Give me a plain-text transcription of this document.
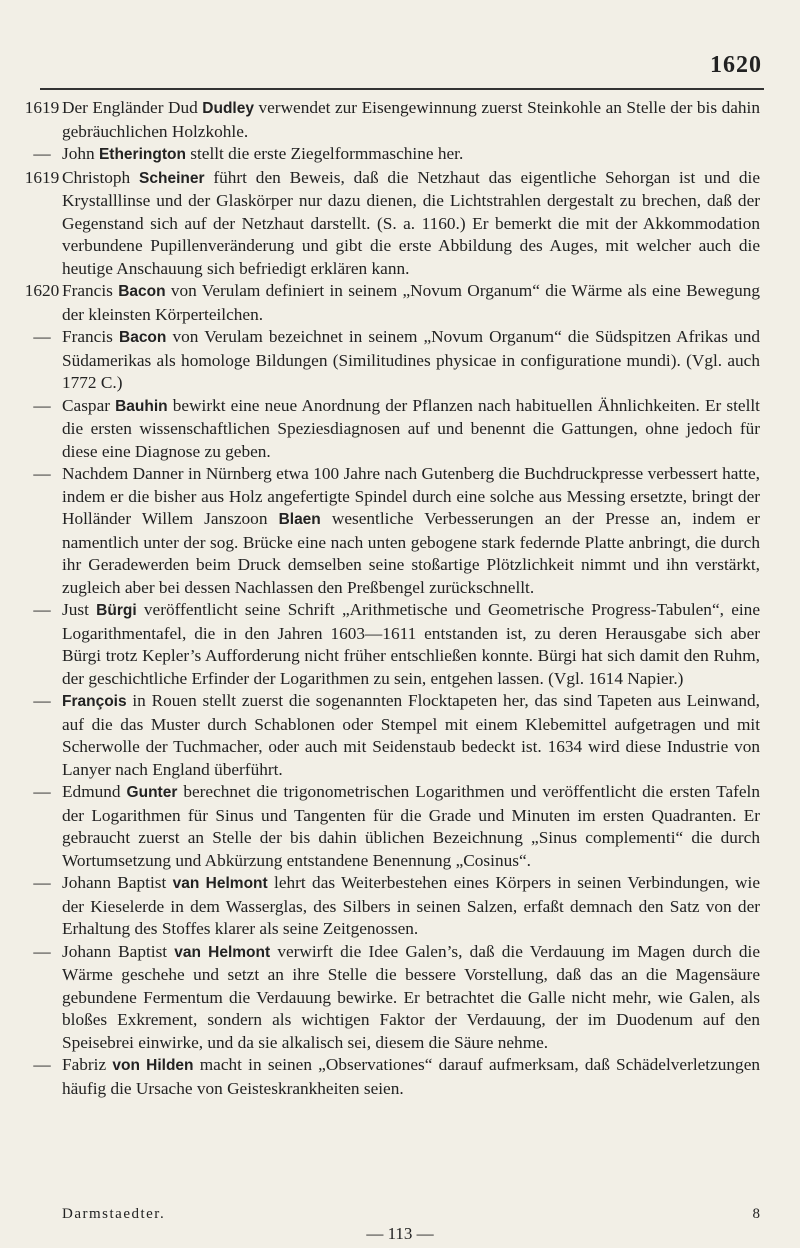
1620
1619 Der Engländer Dud Dudley verwendet zur Eisengewinnung zuerst Steinkohle an Stelle der bis dahin gebräuchlichen Holzkohle.
— John Etherington stellt die erste Ziegelformmaschine her.
1619 Christoph Scheiner führt den Beweis, daß die Netzhaut das eigentliche Sehorgan ist und die Krystalllinse und der Glaskörper nur dazu dienen, die Lichtstrahlen dergestalt zu brechen, daß der Gegenstand sich auf der Netzhaut darstellt. (S. a. 1160.) Er bemerkt die mit der Akkommodation verbundene Pupillenveränderung und gibt die erste Abbildung des Auges, mit welcher auch die heutige Anschauung sich befriedigt erklären kann.
1620 Francis Bacon von Verulam definiert in seinem „Novum Organum“ die Wärme als eine Bewegung der kleinsten Körperteilchen.
— Francis Bacon von Verulam bezeichnet in seinem „Novum Organum“ die Südspitzen Afrikas und Südamerikas als homologe Bildungen (Similitudines physicae in configuratione mundi). (Vgl. auch 1772 C.)
— Caspar Bauhin bewirkt eine neue Anordnung der Pflanzen nach habituellen Ähnlichkeiten. Er stellt die ersten wissenschaftlichen Speziesdiagnosen auf und benennt die Gattungen, ohne jedoch für diese eine Diagnose zu geben.
— Nachdem Danner in Nürnberg etwa 100 Jahre nach Gutenberg die Buchdruckpresse verbessert hatte, indem er die bisher aus Holz angefertigte Spindel durch eine solche aus Messing ersetzte, bringt der Holländer Willem Janszoon Blaen wesentliche Verbesserungen an der Presse an, indem er namentlich unter der sog. Brücke eine nach unten gebogene stark federnde Platte anbringt, die durch ihr Geradewerden beim Druck demselben seine stoßartige Plötzlichkeit nimmt und ihn verstärkt, zugleich aber bei dessen Nachlassen den Preßbengel zurückschnellt.
— Just Bürgi veröffentlicht seine Schrift „Arithmetische und Geometrische Progress-Tabulen“, eine Logarithmentafel, die in den Jahren 1603—1611 entstanden ist, zu deren Herausgabe sich aber Bürgi trotz Kepler’s Aufforderung nicht früher entschließen konnte. Bürgi hat sich damit den Ruhm, der geschichtliche Erfinder der Logarithmen zu sein, entgehen lassen. (Vgl. 1614 Napier.)
— François in Rouen stellt zuerst die sogenannten Flocktapeten her, das sind Tapeten aus Leinwand, auf die das Muster durch Schablonen oder Stempel mit einem Klebemittel aufgetragen und mit Scherwolle der Tuchmacher, oder auch mit Seidenstaub bedeckt ist. 1634 wird diese Industrie von Lanyer nach England überführt.
— Edmund Gunter berechnet die trigonometrischen Logarithmen und veröffentlicht die ersten Tafeln der Logarithmen für Sinus und Tangenten für die Grade und Minuten im ersten Quadranten. Er gebraucht zuerst an Stelle der bis dahin üblichen Bezeichnung „Sinus complementi“ die durch Wortumsetzung und Abkürzung entstandene Benennung „Cosinus“.
— Johann Baptist van Helmont lehrt das Weiterbestehen eines Körpers in seinen Verbindungen, wie der Kieselerde in dem Wasserglas, des Silbers in seinen Salzen, erfaßt demnach den Satz von der Erhaltung des Stoffes klarer als seine Zeitgenossen.
— Johann Baptist van Helmont verwirft die Idee Galen’s, daß die Verdauung im Magen durch die Wärme geschehe und setzt an ihre Stelle die bessere Vorstellung, daß das an die Magensäure gebundene Fermentum die Verdauung bewirke. Er betrachtet die Galle nicht mehr, wie Galen, als bloßes Exkrement, sondern als wichtigen Faktor der Verdauung, der im Duodenum auf den Speisebrei einwirke, und da sie alkalisch sei, diesem die Säure nehme.
— Fabriz von Hilden macht in seinen „Observationes“ darauf aufmerksam, daß Schädelverletzungen häufig die Ursache von Geisteskrankheiten seien.
Darmstaedter.	8
— 113 —
